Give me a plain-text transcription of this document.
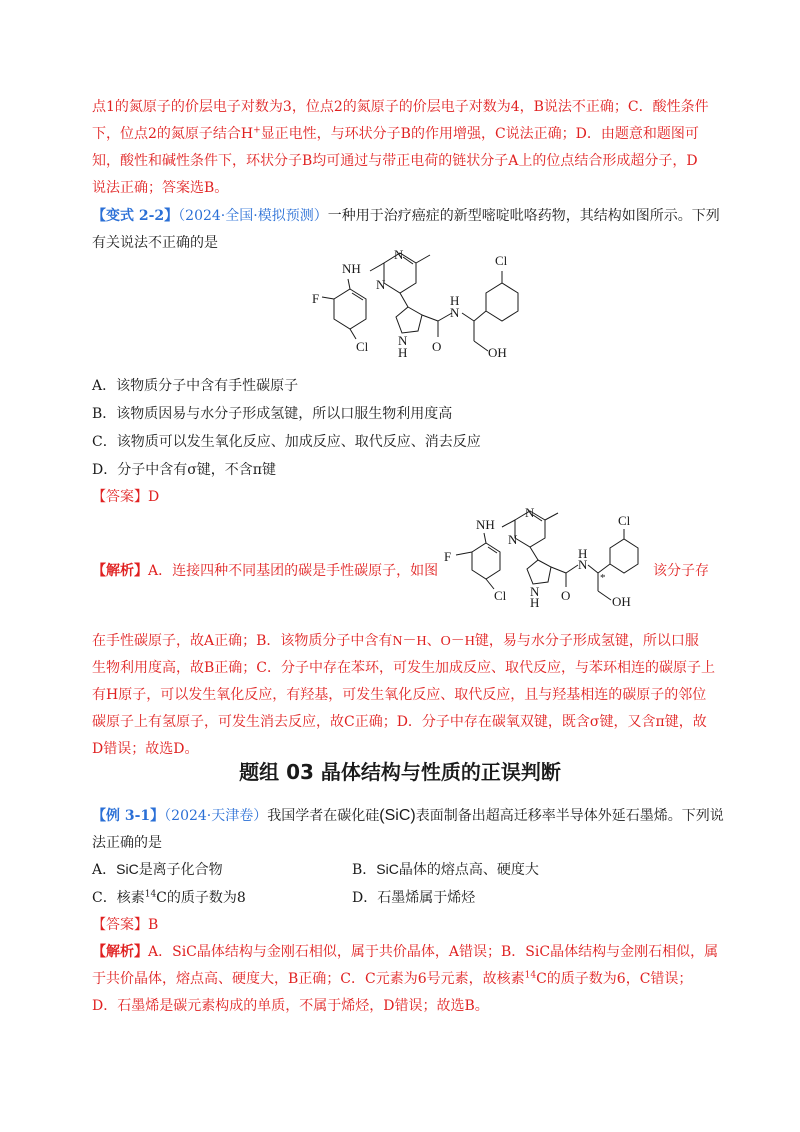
点1的氮原子的价层电子对数为3，位点2的氮原子的价层电子对数为4，B说法不正确；C．酸性条件
下，位点2的氮原子结合H+显正电性，与环状分子B的作用增强，C说法正确；D．由题意和题图可
知，酸性和碱性条件下，环状分子B均可通过与带正电荷的链状分子A上的位点结合形成超分子，D
说法正确；答案选B。
【变式 2-2】（2024·全国·模拟预测）一种用于治疗癌症的新型嘧啶吡咯药物，其结构如图所示。下列
有关说法不正确的是
N
N
NH
F
Cl N
H O
N
H
OH
Cl
A．该物质分子中含有手性碳原子
B．该物质因易与水分子形成氢键，所以口服生物利用度高
C．该物质可以发生氧化反应、加成反应、取代反应、消去反应
D．分子中含有σ键，不含π键
【答案】D
【解析】A．连接四种不同基团的碳是手性碳原子，如图	该分子存
N
N
NH
F
Cl N
H O
N
H
*
OH
Cl
在手性碳原子，故A正确；B．该物质分子中含有N－H、O－H键，易与水分子形成氢键，所以口服
生物利用度高，故B正确；C．分子中存在苯环，可发生加成反应、取代反应，与苯环相连的碳原子上
有H原子，可以发生氧化反应，有羟基，可发生氧化反应、取代反应，且与羟基相连的碳原子的邻位
碳原子上有氢原子，可发生消去反应，故C正确；D．分子中存在碳氧双键，既含σ键，又含π键，故
D错误；故选D。
题组 03 晶体结构与性质的正误判断
【例 3-1】（2024·天津卷）我国学者在碳化硅(SiC)表面制备出超高迁移率半导体外延石墨烯。下列说
法正确的是
A．SiC是离子化合物	B．SiC晶体的熔点高、硬度大
C．核素$^{14}$C的质子数为8	D．石墨烯属于烯烃
【答案】B
【解析】A．SiC晶体结构与金刚石相似，属于共价晶体，A错误；B．SiC晶体结构与金刚石相似，属
于共价晶体，熔点高、硬度大，B正确；C．C元素为6号元素，故核素$^{14}$C的质子数为6，C错误；
D．石墨烯是碳元素构成的单质，不属于烯烃，D错误；故选B。
